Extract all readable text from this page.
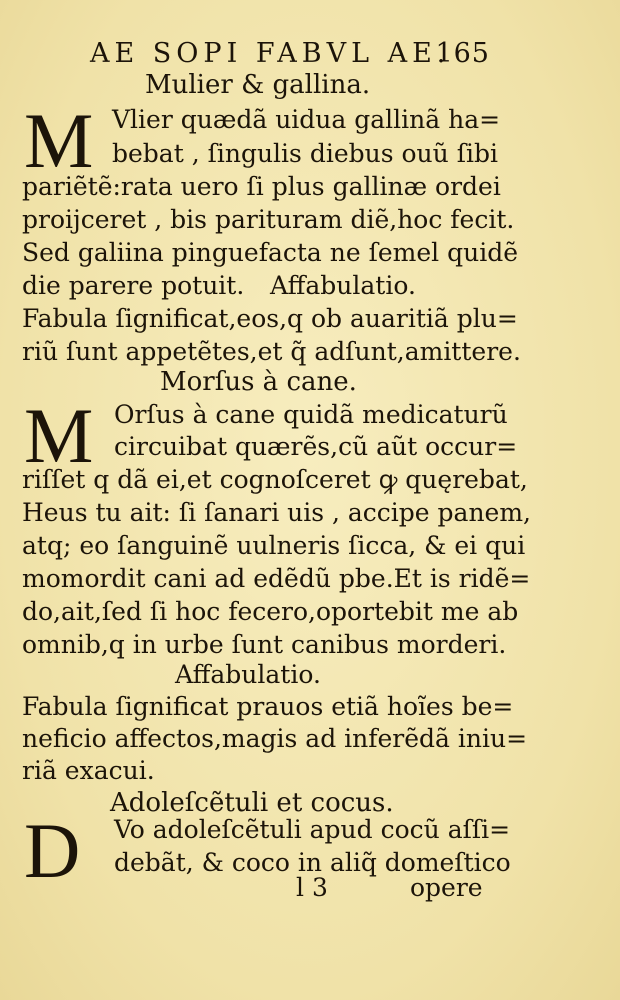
AE SOPI FABVL AE.
165
Mulier & gallina.
M Vlier quædã uidua gallinã ha=
bebat , ſingulis diebus ouũ ſibi
pariẽtẽ:rata uero ſi plus gallinæ ordei
proijceret , bis parituram diẽ,hoc fecit.
Sed galiina pinguefacta ne ſemel quidẽ
die parere potuit. Affabulatio.
Fabula ſignificat,eos,q ob auaritiã plu=
riũ ſunt appetẽtes,et q̃ adſunt,amittere.
Morſus à cane.
M Orſus à cane quidã medicaturũ
circuibat quærẽs,cũ aũt occur=
riſſet q dã ei,et cognoſceret ꝙ quęrebat,
Heus tu ait: ſi ſanari uis , accipe panem,
atq; eo ſanguinẽ uulneris ſicca, & ei qui
momordit cani ad edẽdũ pbe.Et is ridẽ=
do,ait,ſed ſi hoc fecero,oportebit me ab
omnib,q in urbe ſunt canibus morderi.
Affabulatio.
Fabula ſignificat prauos etiã hoĩes be=
neficio affectos,magis ad inferẽdã iniu=
riã exacui.
Adoleſcẽtuli et cocus.
D Vo adoleſcẽtuli apud cocũ aſſi=
debãt, & coco in aliq̃ domeſtico
l 3	opere
